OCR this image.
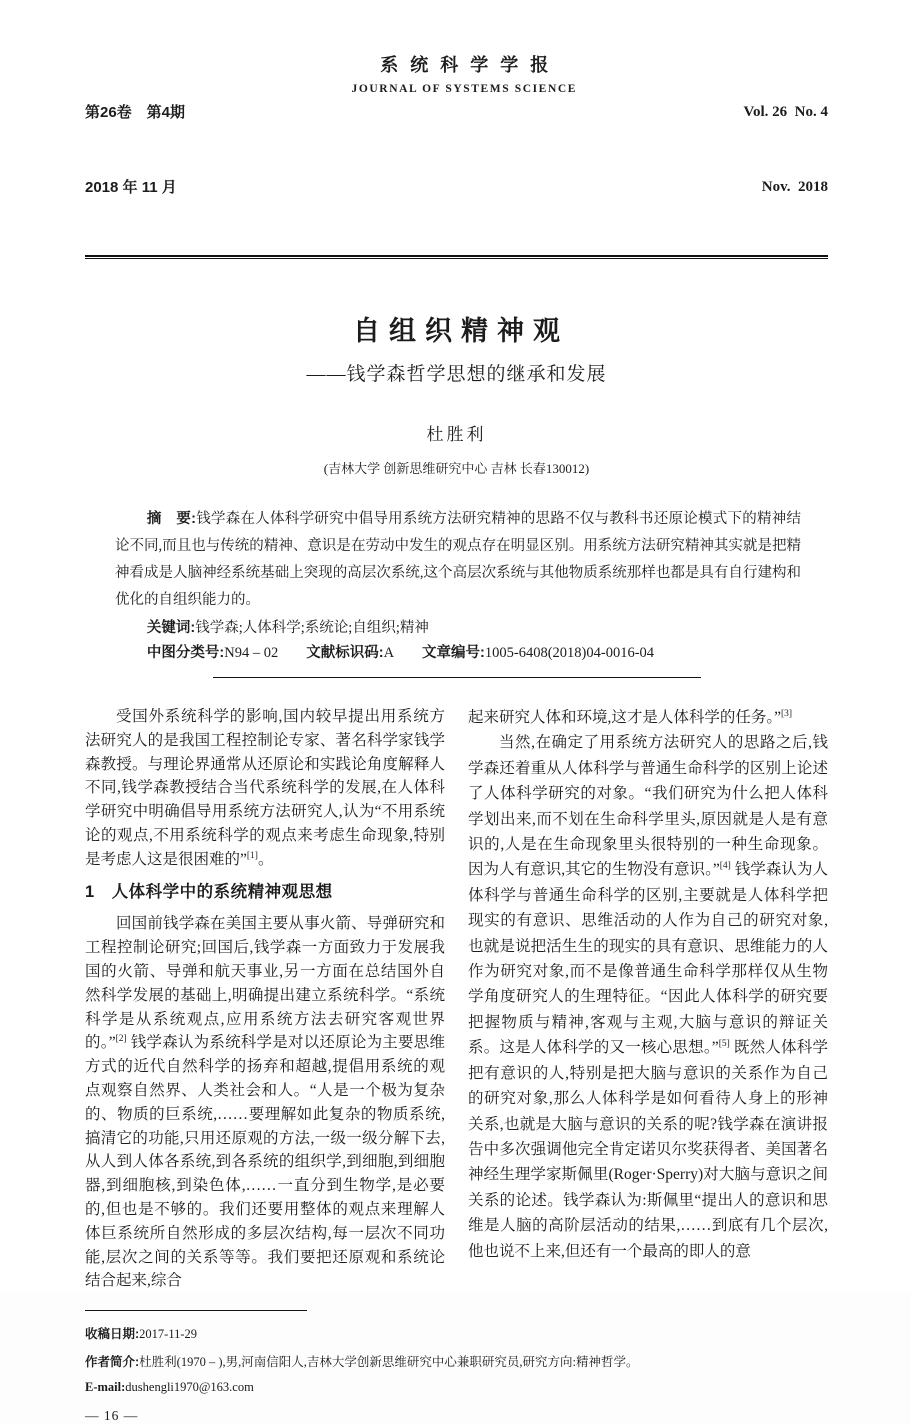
第26卷　第4期

2018 年 11 月

系统科学学报
JOURNAL OF SYSTEMS SCIENCE

Vol. 26  No. 4

Nov.  2018

自组织精神观
——钱学森哲学思想的继承和发展
杜胜利
(吉林大学 创新思维研究中心 吉林 长春130012)

摘　要:钱学森在人体科学研究中倡导用系统方法研究精神的思路不仅与教科书还原论模式下的精神结论不同,而且也与传统的精神、意识是在劳动中发生的观点存在明显区别。用系统方法研究精神其实就是把精神看成是人脑神经系统基础上突现的高层次系统,这个高层次系统与其他物质系统那样也都是具有自行建构和优化的自组织能力的。

关键词:钱学森;人体科学;系统论;自组织;精神

中图分类号:N94 – 02 文献标识码:A 文章编号:1005-6408(2018)04-0016-04

受国外系统科学的影响,国内较早提出用系统方法研究人的是我国工程控制论专家、著名科学家钱学森教授。与理论界通常从还原论和实践论角度解释人不同,钱学森教授结合当代系统科学的发展,在人体科学研究中明确倡导用系统方法研究人,认为“不用系统论的观点,不用系统科学的观点来考虑生命现象,特别是考虑人这是很困难的”[1]。

1　人体科学中的系统精神观思想

回国前钱学森在美国主要从事火箭、导弹研究和工程控制论研究;回国后,钱学森一方面致力于发展我国的火箭、导弹和航天事业,另一方面在总结国外自然科学发展的基础上,明确提出建立系统科学。“系统科学是从系统观点,应用系统方法去研究客观世界的。”[2] 钱学森认为系统科学是对以还原论为主要思维方式的近代自然科学的扬弃和超越,提倡用系统的观点观察自然界、人类社会和人。“人是一个极为复杂的、物质的巨系统,……要理解如此复杂的物质系统,搞清它的功能,只用还原观的方法,一级一级分解下去,从人到人体各系统,到各系统的组织学,到细胞,到细胞器,到细胞核,到染色体,……一直分到生物学,是必要的,但也是不够的。我们还要用整体的观点来理解人体巨系统所自然形成的多层次结构,每一层次不同功能,层次之间的关系等等。我们要把还原观和系统论结合起来,综合

起来研究人体和环境,这才是人体科学的任务。”[3]

当然,在确定了用系统方法研究人的思路之后,钱学森还着重从人体科学与普通生命科学的区别上论述了人体科学研究的对象。“我们研究为什么把人体科学划出来,而不划在生命科学里头,原因就是人是有意识的,人是在生命现象里头很特别的一种生命现象。因为人有意识,其它的生物没有意识。”[4] 钱学森认为人体科学与普通生命科学的区别,主要就是人体科学把现实的有意识、思维活动的人作为自己的研究对象,也就是说把活生生的现实的具有意识、思维能力的人作为研究对象,而不是像普通生命科学那样仅从生物学角度研究人的生理特征。“因此人体科学的研究要把握物质与精神,客观与主观,大脑与意识的辩证关系。这是人体科学的又一核心思想。”[5] 既然人体科学把有意识的人,特别是把大脑与意识的关系作为自己的研究对象,那么人体科学是如何看待人身上的形神关系,也就是大脑与意识的关系的呢?钱学森在演讲报告中多次强调他完全肯定诺贝尔奖获得者、美国著名神经生理学家斯佩里(Roger·Sperry)对大脑与意识之间关系的论述。钱学森认为:斯佩里“提出人的意识和思维是人脑的高阶层活动的结果,……到底有几个层次,他也说不上来,但还有一个最高的即人的意

收稿日期:2017-11-29

作者简介:杜胜利(1970 – ),男,河南信阳人,吉林大学创新思维研究中心兼职研究员,研究方向:精神哲学。

E-mail:dushengli1970@163.com

— 16 —
